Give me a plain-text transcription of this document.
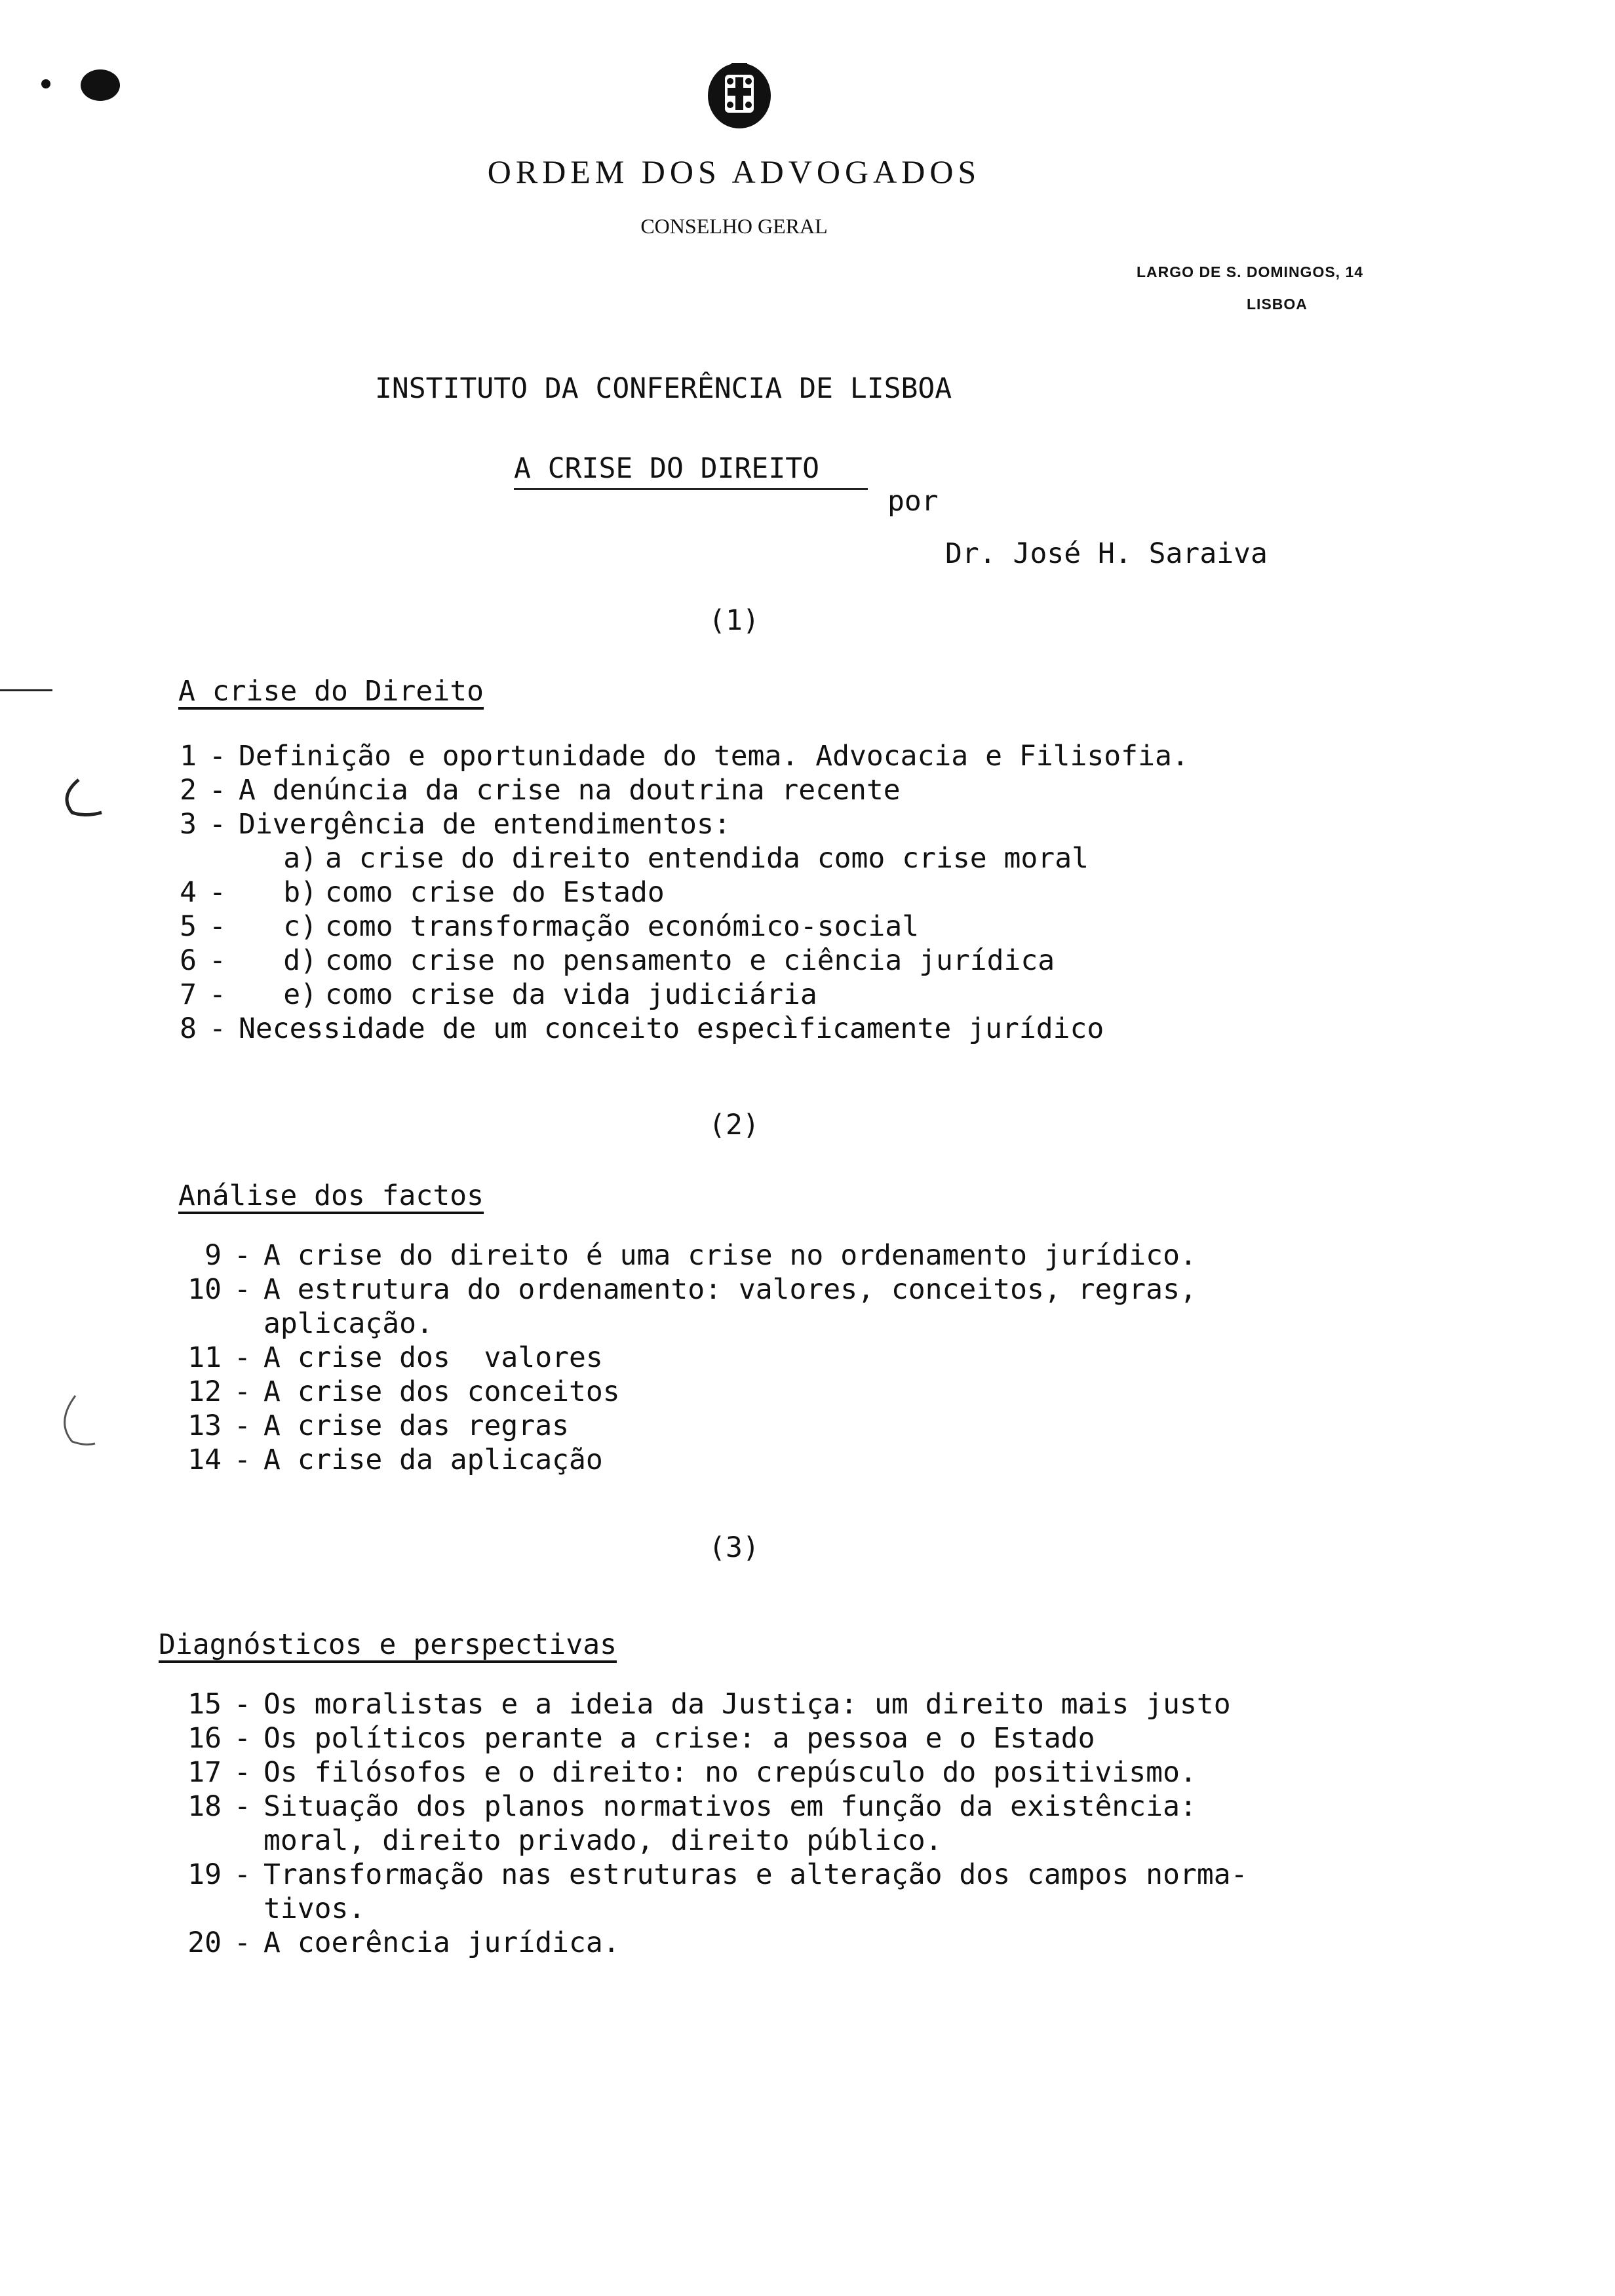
ORDEM DOS ADVOGADOS
CONSELHO GERAL
LARGO DE S. DOMINGOS, 14
LISBOA
INSTITUTO DA CONFERÊNCIA DE LISBOA
A CRISE DO DIREITO
por
Dr. José H. Saraiva
(1)
A crise do Direito
1 - Definição e oportunidade do tema. Advocacia e Filisofia.
2 - A denúncia da crise na doutrina recente
3 - Divergência de entendimentos:
a) a crise do direito entendida como crise moral
4 -	b) como crise do Estado
5 -	c) como transformação económico-social
6 -	d) como crise no pensamento e ciência jurídica
7 -	e) como crise da vida judiciária
8 - Necessidade de um conceito especìficamente jurídico
(2)
Análise dos factos
9 - A crise do direito é uma crise no ordenamento jurídico.
10 - A estrutura do ordenamento: valores, conceitos, regras,
aplicação.
11 - A crise dos  valores
12 - A crise dos conceitos
13 - A crise das regras
14 - A crise da aplicação
(3)
Diagnósticos e perspectivas
15 - Os moralistas e a ideia da Justiça: um direito mais justo
16 - Os políticos perante a crise: a pessoa e o Estado
17 - Os filósofos e o direito: no crepúsculo do positivismo.
18 - Situação dos planos normativos em função da existência:
moral, direito privado, direito público.
19 - Transformação nas estruturas e alteração dos campos norma-
tivos.
20 - A coerência jurídica.
